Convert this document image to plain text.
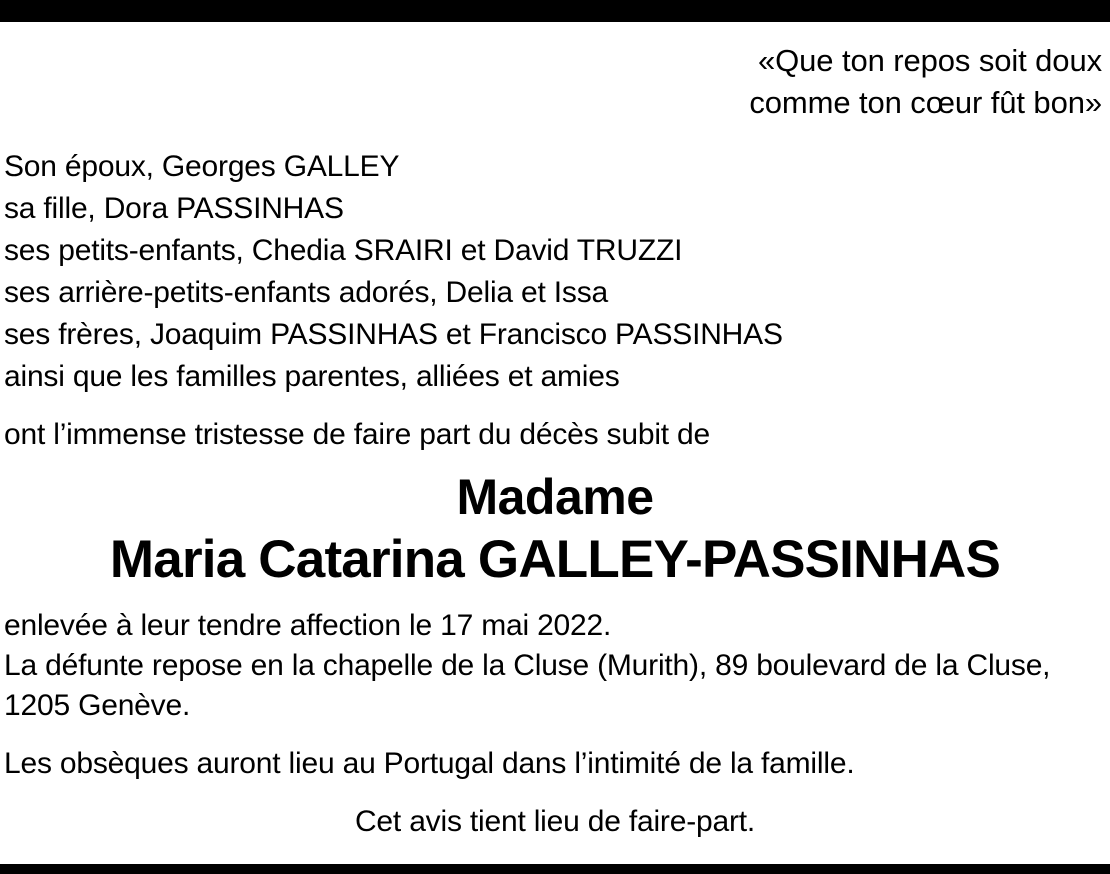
«Que ton repos soit doux
comme ton cœur fût bon»
Son époux, Georges GALLEY
sa fille, Dora PASSINHAS
ses petits-enfants, Chedia SRAIRI et David TRUZZI
ses arrière-petits-enfants adorés, Delia et Issa
ses frères, Joaquim PASSINHAS et Francisco PASSINHAS
ainsi que les familles parentes, alliées et amies
ont l’immense tristesse de faire part du décès subit de
Madame
Maria Catarina GALLEY-PASSINHAS

enlevée à leur tendre affection le 17 mai 2022.

La défunte repose en la chapelle de la Cluse (Murith), 89 boulevard de la Cluse, 1205 Genève.

Les obsèques auront lieu au Portugal dans l’intimité de la famille.

Cet avis tient lieu de faire-part.
